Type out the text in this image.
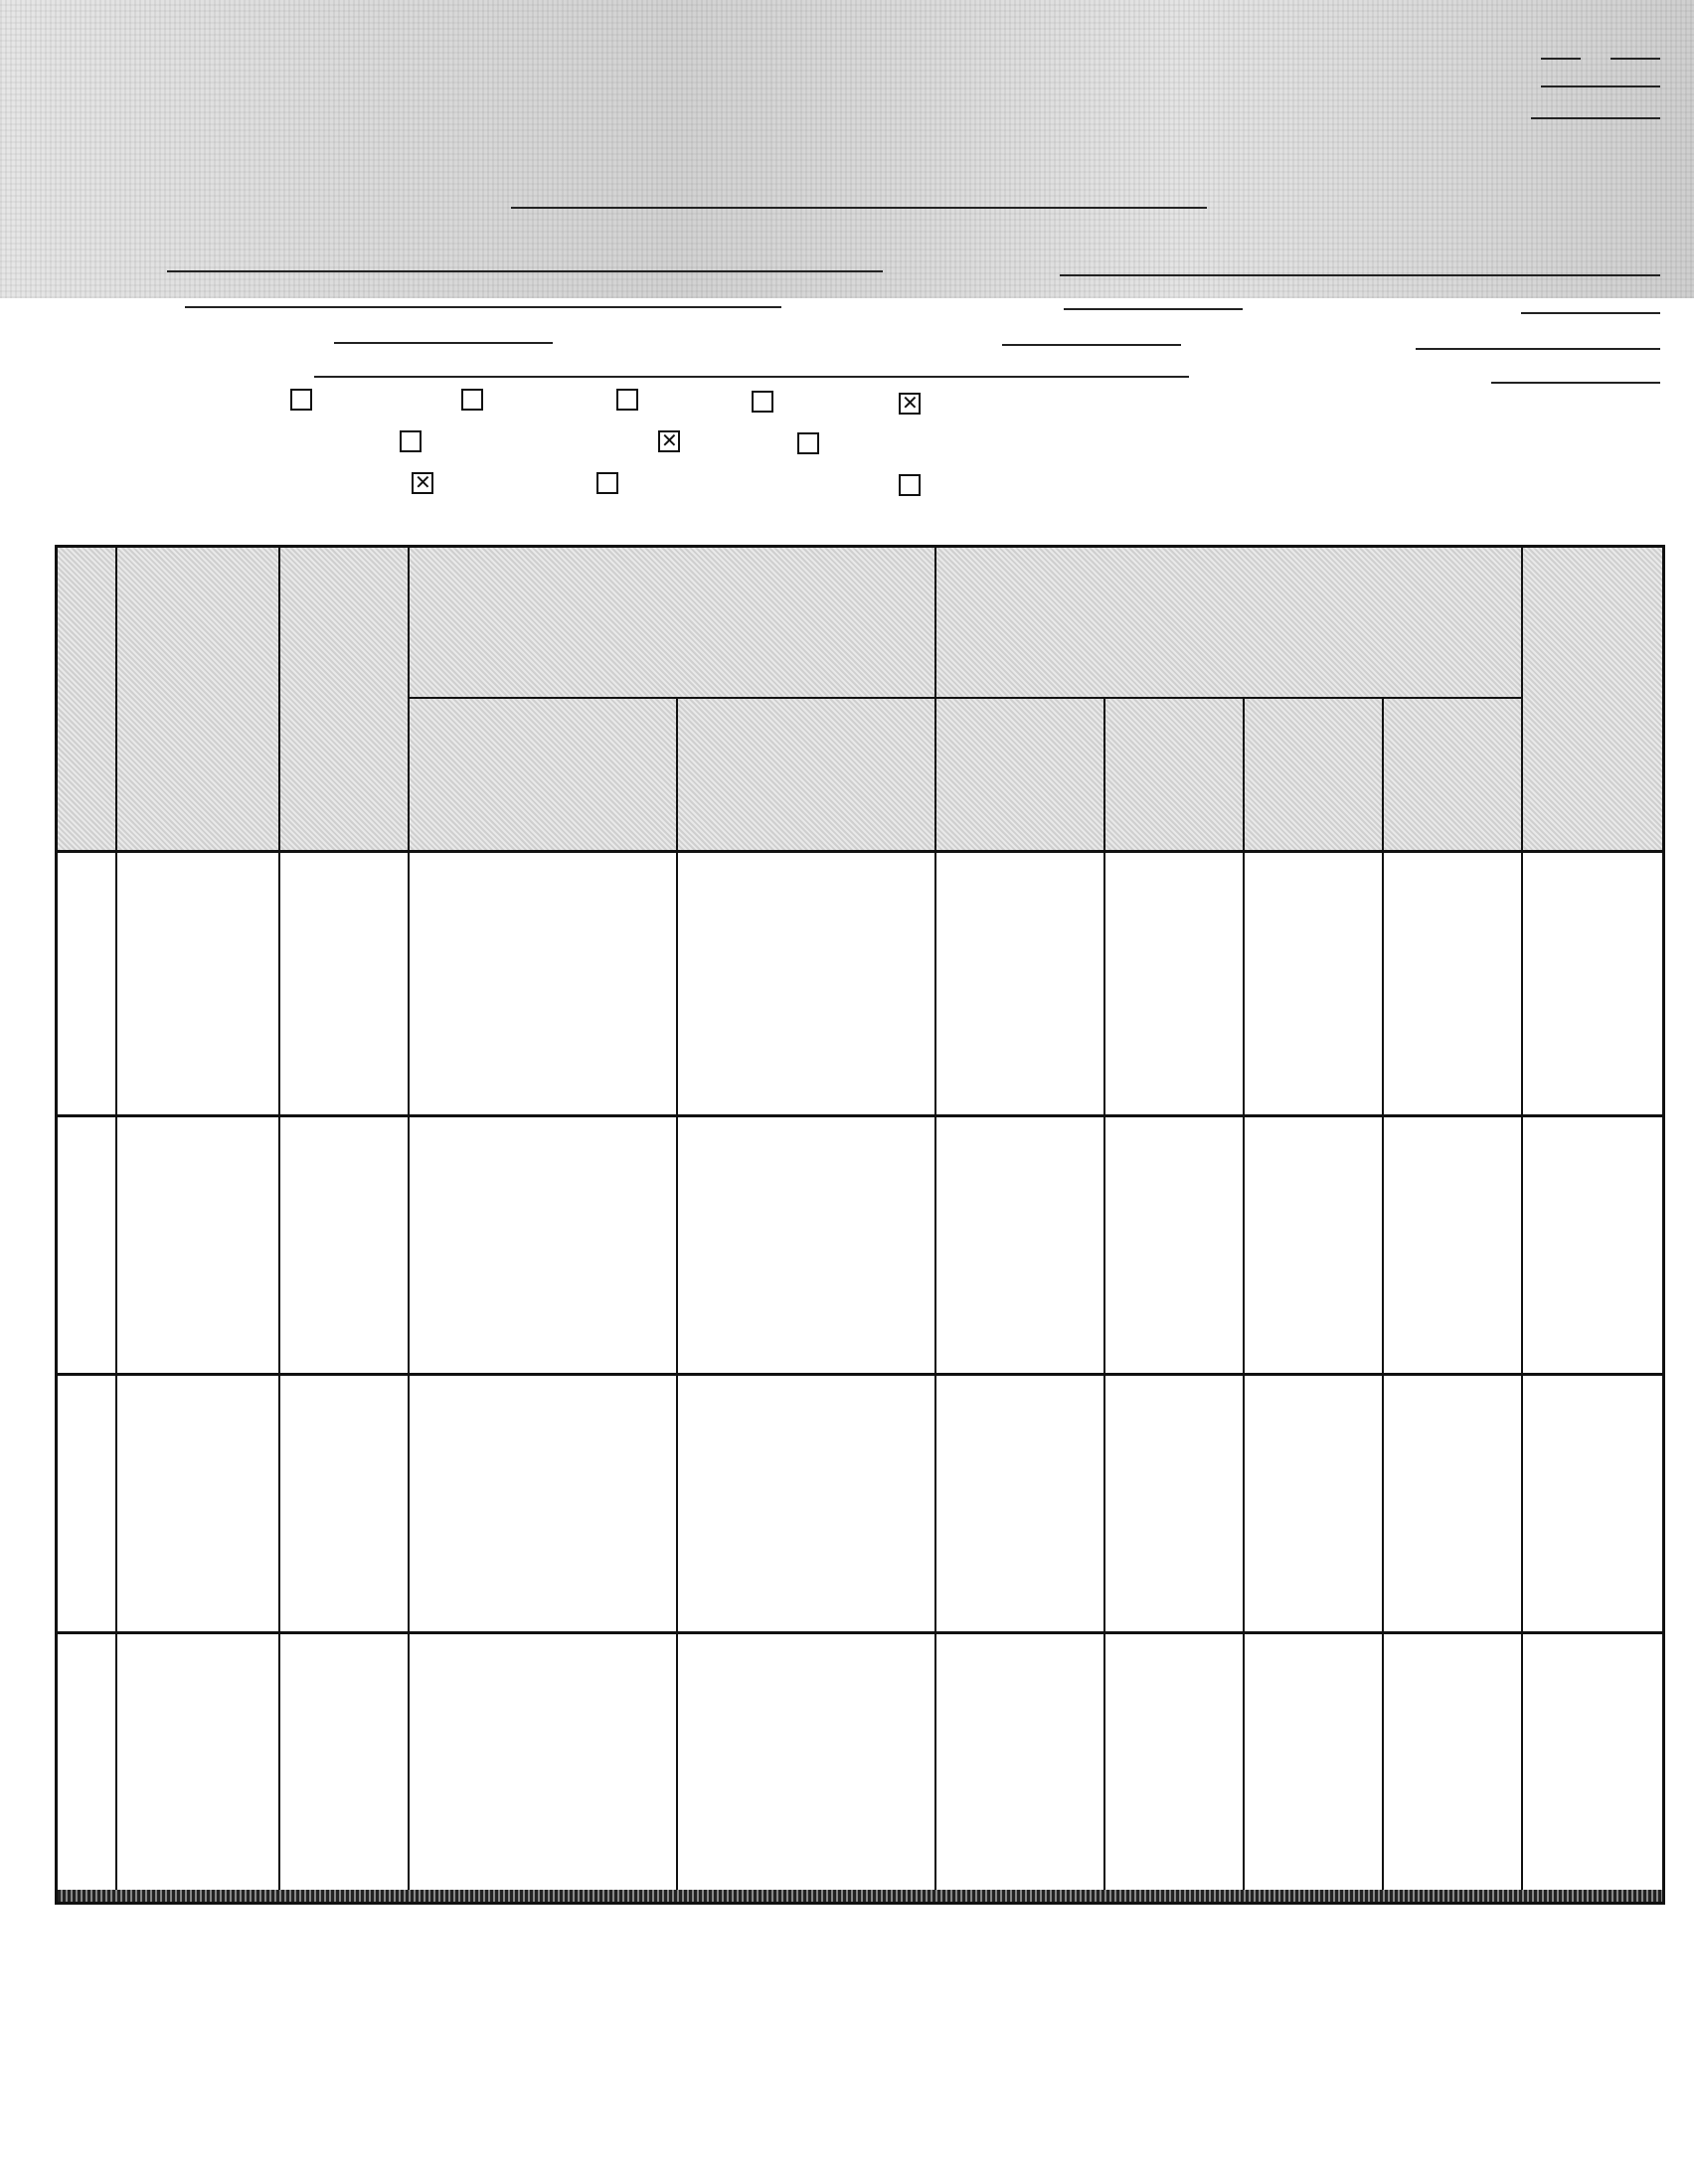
✕
✕
✕
